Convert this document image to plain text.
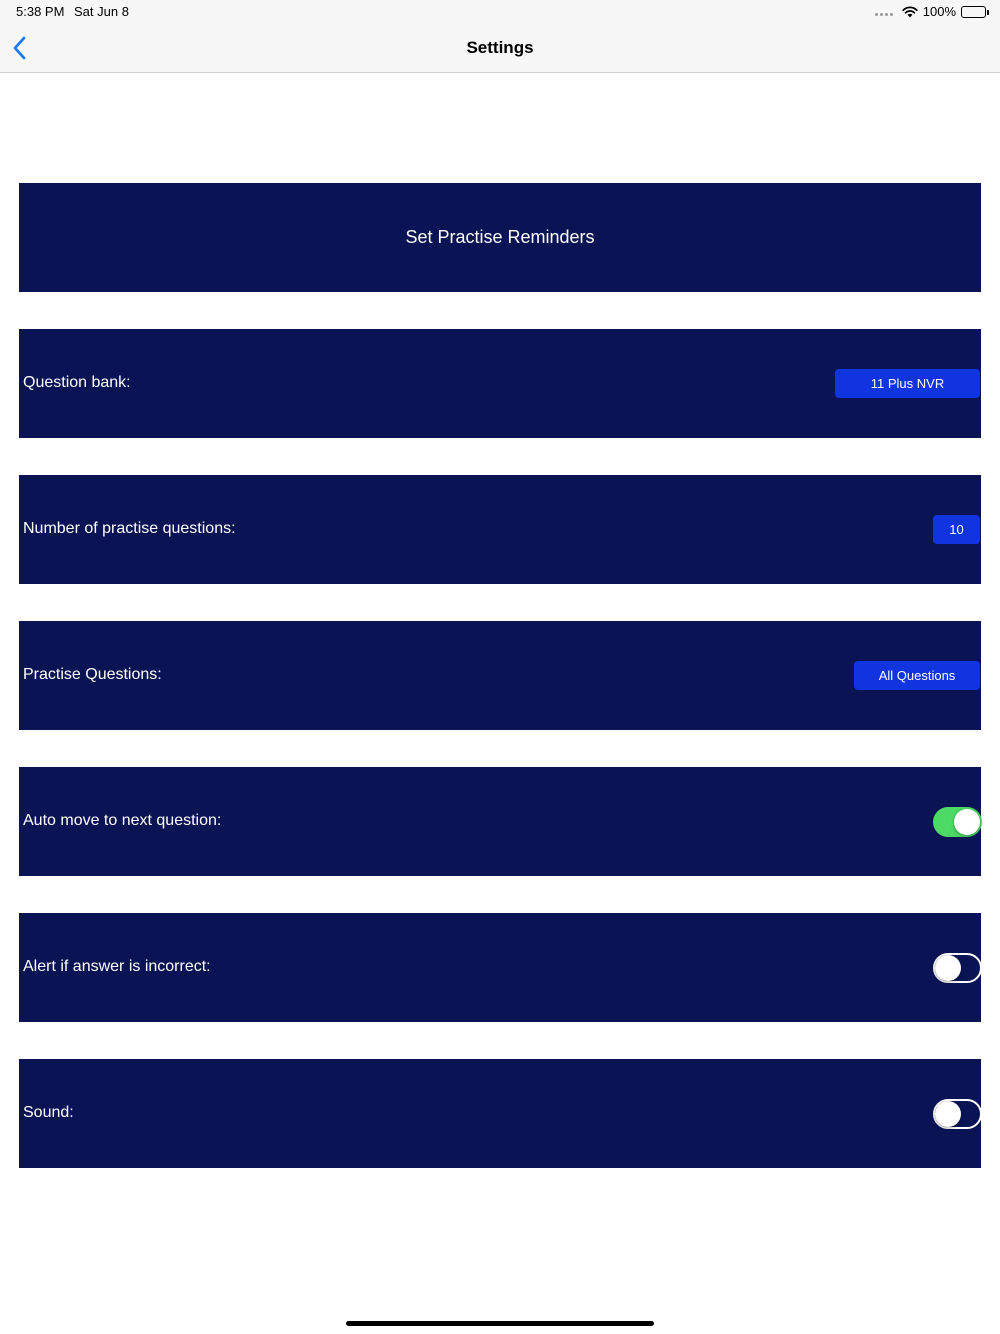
5:38 PM Sat Jun 8	100%
Settings
Set Practise Reminders
Question bank:	11 Plus NVR
Number of practise questions:	10
Practise Questions:	All Questions
Auto move to next question:
Alert if answer is incorrect:
Sound:
